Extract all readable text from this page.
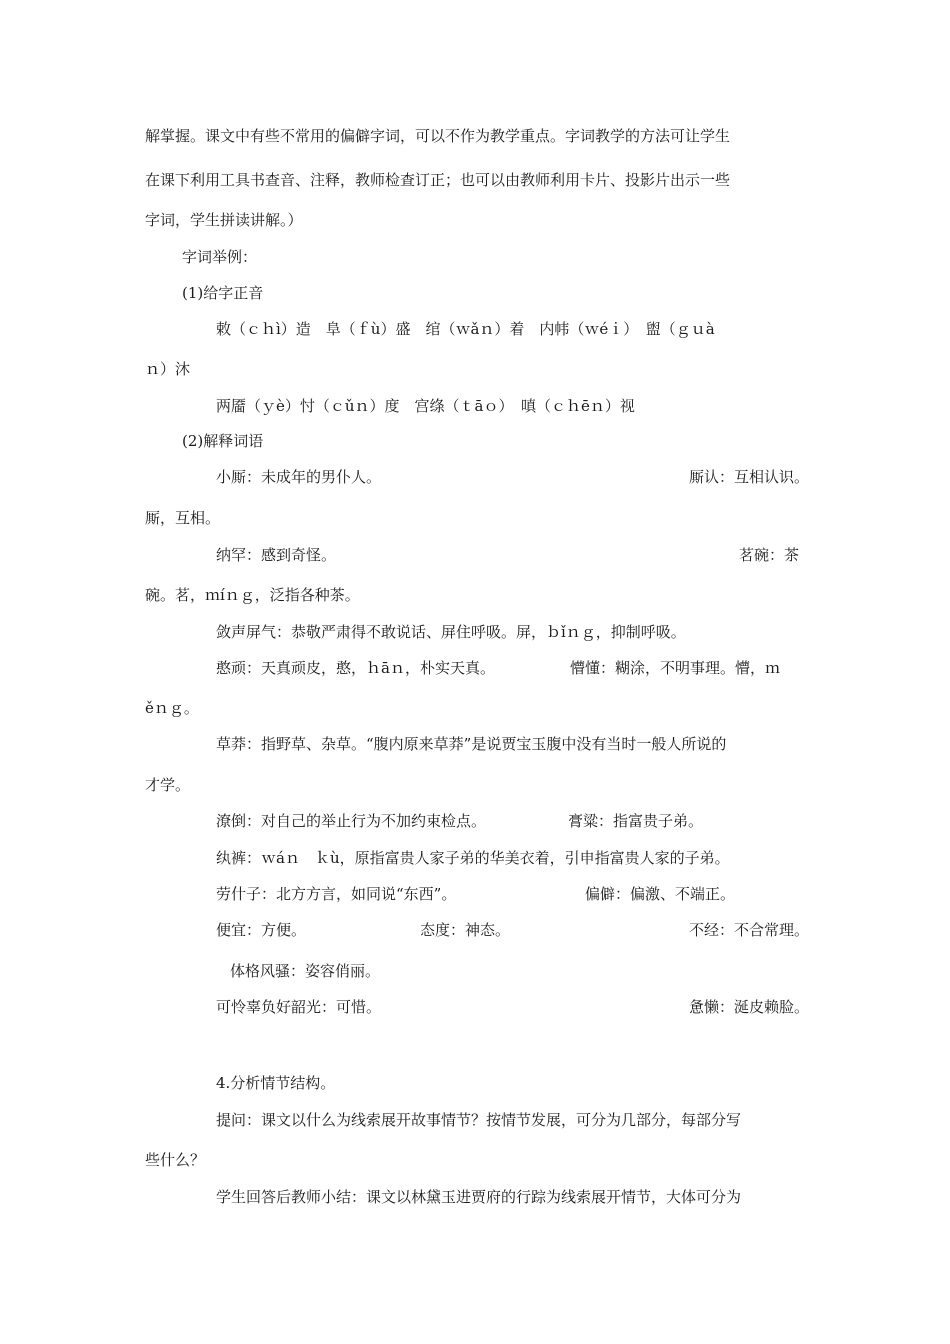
解掌握。课文中有些不常用的偏僻字词，可以不作为教学重点。字词教学的方法可让学生
在课下利用工具书查音、注释，教师检查订正；也可以由教师利用卡片、投影片出示一些
字词，学生拼读讲解。）
字词举例：
(1)给字正音
敕（ｃｈì）造　阜（ｆù）盛　绾（ｗǎｎ）着　内帏（ｗéｉ）　盥（ｇｕà
ｎ）沐
两靥（ｙè）忖（ｃǔｎ）度　宫绦（ｔāｏ）　嗔（ｃｈēｎ）视
(2)解释词语
小厮：未成年的男仆人。	厮认：互相认识。
厮，互相。
纳罕：感到奇怪。	茗碗：茶
碗。茗，ｍíｎｇ，泛指各种茶。
敛声屏气：恭敬严肃得不敢说话、屏住呼吸。屏，ｂǐｎｇ，抑制呼吸。
憨顽：天真顽皮，憨，ｈāｎ，朴实天真。	懵懂：糊涂，不明事理。懵，ｍ
ěｎｇ。
草莽：指野草、杂草。“腹内原来草莽”是说贾宝玉腹中没有当时一般人所说的
才学。
潦倒：对自己的举止行为不加约束检点。	膏粱：指富贵子弟。
纨裤：ｗáｎ　ｋù，原指富贵人家子弟的华美衣着，引申指富贵人家的子弟。
劳什子：北方方言，如同说“东西”。	偏僻：偏激、不端正。
便宜：方便。	态度：神态。	不经：不合常理。
体格风骚：姿容俏丽。
可怜辜负好韶光：可惜。	惫懒：涎皮赖脸。
4.分析情节结构。
提问：课文以什么为线索展开故事情节？按情节发展，可分为几部分，每部分写
些什么？
学生回答后教师小结：课文以林黛玉进贾府的行踪为线索展开情节，大体可分为
